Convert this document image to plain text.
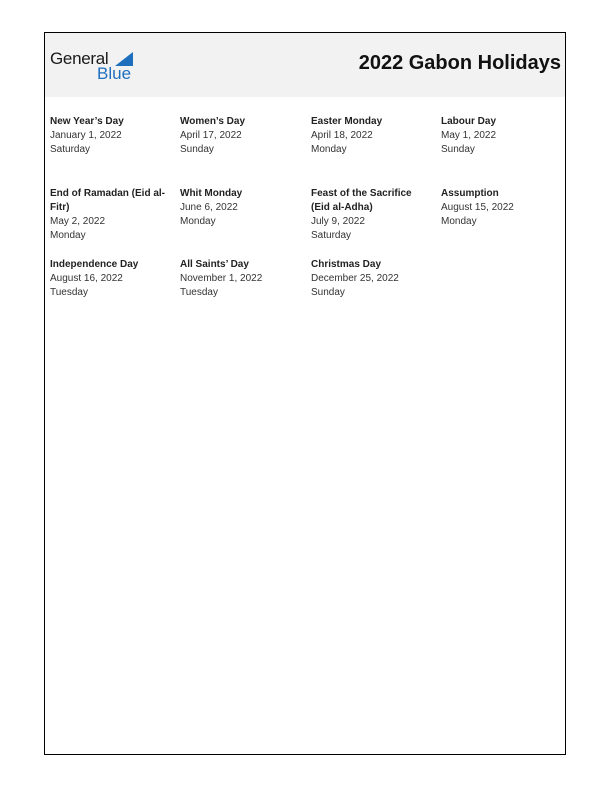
General
Blue	2022 Gabon Holidays
New Year’s Day
January 1, 2022
Saturday
Women’s Day
April 17, 2022
Sunday
Easter Monday
April 18, 2022
Monday
Labour Day
May 1, 2022
Sunday
End of Ramadan (Eid al-Fitr)
May 2, 2022
Monday
Whit Monday
June 6, 2022
Monday
Feast of the Sacrifice (Eid al-Adha)
July 9, 2022
Saturday
Assumption
August 15, 2022
Monday
Independence Day
August 16, 2022
Tuesday
All Saints’ Day
November 1, 2022
Tuesday
Christmas Day
December 25, 2022
Sunday
